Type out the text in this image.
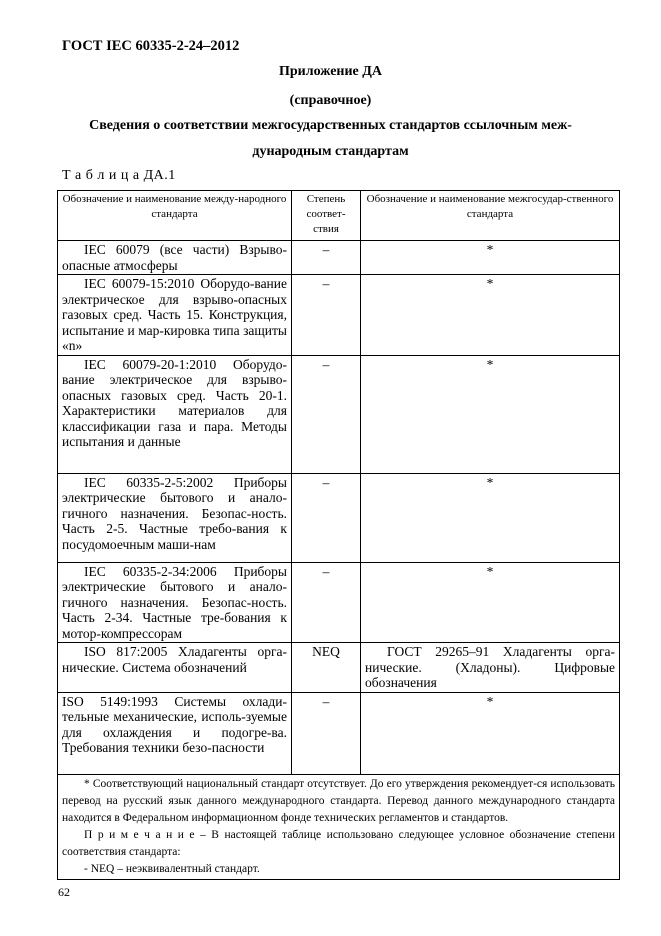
ГОСТ IEC 60335-2-24–2012
Приложение ДА
(справочное)
Сведения о соответствии межгосударственных стандартов ссылочным меж-
дународным стандартам
Т а б л и ц а ДА.1
Обозначение и наименование между-народного стандарта	Степень соответ-ствия	Обозначение и наименование межгосудар-ственного стандарта
IEC 60079 (все части) Взрыво-опасные атмосферы	–	*
IEC 60079-15:2010 Оборудо-вание электрическое для взрыво-опасных газовых сред. Часть 15. Конструкция, испытание и мар-кировка типа защиты «n»	–	*
IEC 60079-20-1:2010 Оборудо-вание электрическое для взрыво-опасных газовых сред. Часть 20-1. Характеристики материалов для классификации газа и пара. Методы испытания и данные	–	*
IEC 60335-2-5:2002 Приборы электрические бытового и анало-гичного назначения. Безопас-ность. Часть 2-5. Частные требо-вания к посудомоечным маши-нам	–	*
IEC 60335-2-34:2006 Приборы электрические бытового и анало-гичного назначения. Безопас-ность. Часть 2-34. Частные тре-бования к мотор-компрессорам	–	*
ISO 817:2005 Хладагенты орга-нические. Система обозначений	NEQ	ГОСТ 29265–91 Хладагенты орга-нические. (Хладоны). Цифровые обозначения
ISO 5149:1993 Системы охлади-тельные механические, исполь-зуемые для охлаждения и подогре-ва. Требования техники безо-пасности	–	*

* Соответствующий национальный стандарт отсутствует. До его утверждения рекомендует-ся использовать перевод на русский язык данного международного стандарта. Перевод данного международного стандарта находится в Федеральном информационном фонде технических регламентов и стандартов.
П р и м е ч а н и е – В настоящей таблице использовано следующее условное обозначение степени соответствия стандарта:
- NEQ – неэквивалентный стандарт.		
62
